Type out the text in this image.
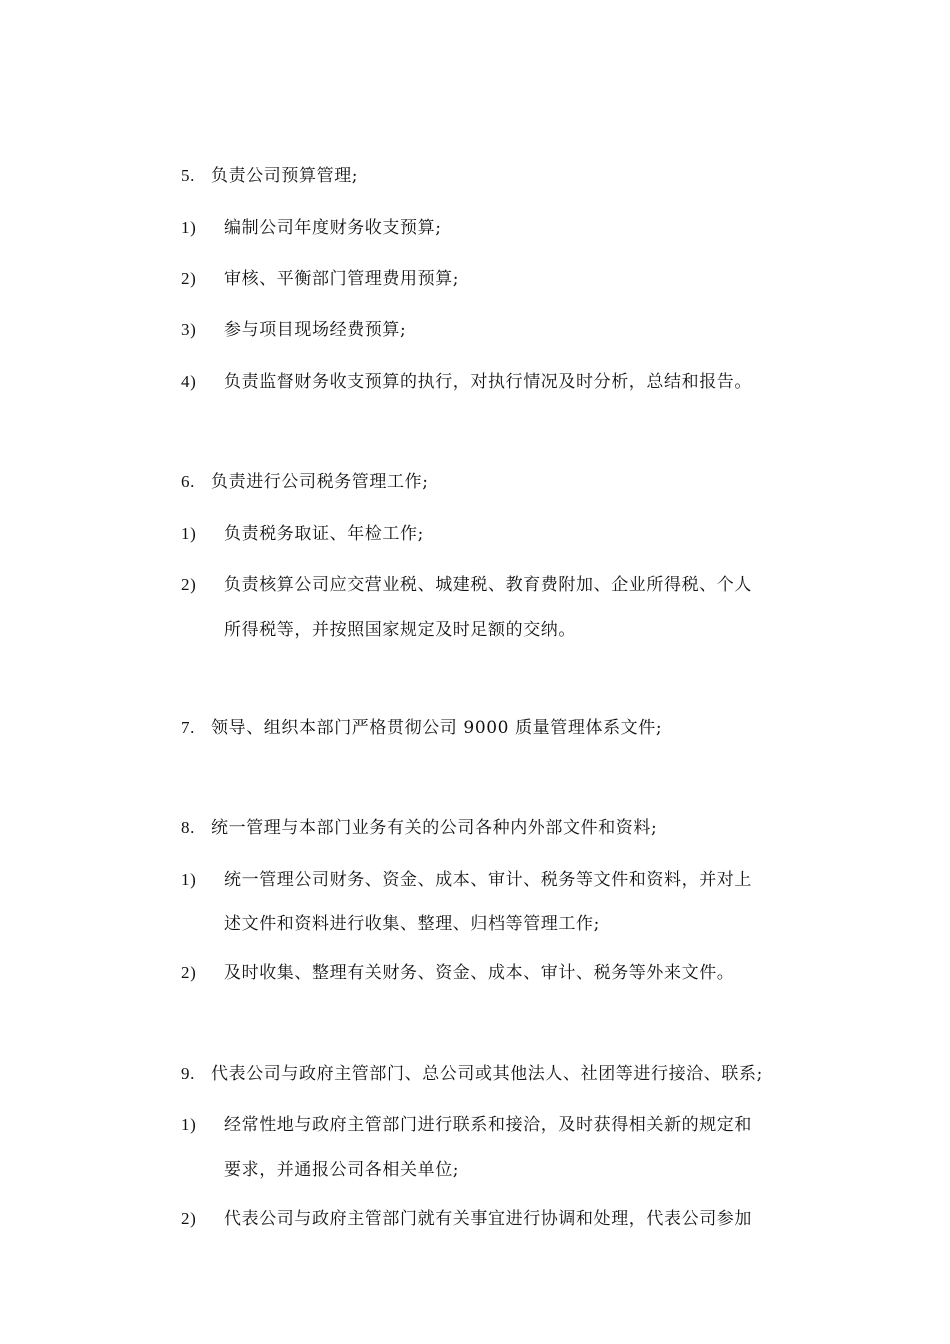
5. 负责公司预算管理;
1) 编制公司年度财务收支预算;
2) 审核、平衡部门管理费用预算;
3) 参与项目现场经费预算;
4) 负责监督财务收支预算的执行，对执行情况及时分析，总结和报告。
6. 负责进行公司税务管理工作;
1) 负责税务取证、年检工作;
2) 负责核算公司应交营业税、城建税、教育费附加、企业所得税、个人
所得税等，并按照国家规定及时足额的交纳。
7. 领导、组织本部门严格贯彻公司 9000 质量管理体系文件;
8. 统一管理与本部门业务有关的公司各种内外部文件和资料;
1) 统一管理公司财务、资金、成本、审计、税务等文件和资料，并对上
述文件和资料进行收集、整理、归档等管理工作;
2) 及时收集、整理有关财务、资金、成本、审计、税务等外来文件。
9. 代表公司与政府主管部门、总公司或其他法人、社团等进行接洽、联系;
1) 经常性地与政府主管部门进行联系和接洽，及时获得相关新的规定和
要求，并通报公司各相关单位;
2) 代表公司与政府主管部门就有关事宜进行协调和处理，代表公司参加
